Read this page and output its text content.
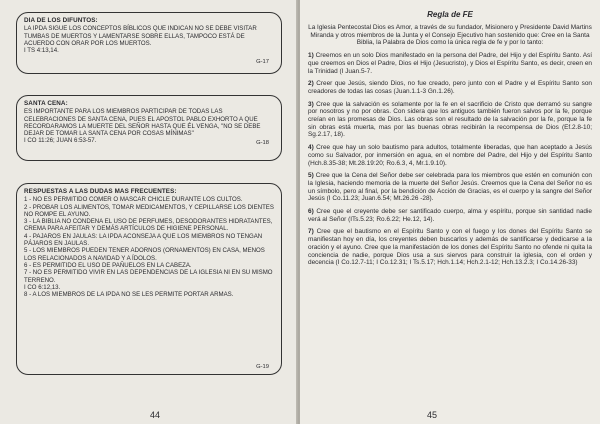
DIA DE LOS DIFUNTOS:

LA IPDA SIGUE LOS CONCEPTOS BÍBLICOS QUE INDICAN NO SE DEBE VISITAR TUMBAS DE MUERTOS Y LAMENTARSE SOBRE ELLAS, TAMPOCO ESTÁ DE ACUERDO CON ORAR POR LOS MUERTOS.

I TS 4:13,14.

G-17
SANTA CENA:

ES IMPORTANTE PARA LOS MIEMBROS PARTICIPAR DE TODAS LAS CELEBRACIONES DE SANTA CENA, PUES EL APOSTOL PABLO EXHORTO A QUE RECORDARAMOS LA MUERTE DEL SEÑOR HASTA QUE ÉL VENGA, "NO SE DEBE DEJAR DE TOMAR LA SANTA CENA POR COSAS MÍNIMAS"

I CO 11:26; JUAN 6:53-57.	G-18
RESPUESTAS A LAS DUDAS MAS FRECUENTES:

1 - NO ES PERMITIDO COMER O MASCAR CHICLE DURANTE LOS CULTOS.

2 - PROBAR LOS ALIMENTOS, TOMAR MEDICAMENTOS, Y CEPILLARSE LOS DIENTES NO ROMPE EL AYUNO.

3 - LA BIBLIA NO CONDENA EL USO DE PERFUMES, DESODORANTES HIDRATANTES, CREMA PARA AFEITAR Y DEMÁS ARTÍCULOS DE HIGIENE PERSONAL.

4 - PAJAROS EN JAULAS: LA IPDA ACONSEJA A QUE LOS MIEMBROS NO TENGAN PÁJAROS EN JAULAS.

5 - LOS MIEMBROS PUEDEN TENER ADORNOS (ORNAMENTOS) EN CASA, MENOS LOS RELACIONADOS A NAVIDAD Y A ÍDOLOS.

6 - ES PERMITIDO EL USO DE PAÑUELOS EN LA CABEZA.

7 - NO ES PERMITIDO VIVIR EN LAS DEPENDENCIAS DE LA IGLESIA NI EN SU MISMO TERRENO.

I CO 6:12,13.

8 - A LOS MIEMBROS DE LA IPDA NO SE LES PERMITE PORTAR ARMAS.

G-19
44
Regla de FE

La Iglesia Pentecostal Dios es Amor, a través de su fundador, Misionero y Presidente David Martins Miranda y otros miembros de la Junta y el Consejo Ejecutivo han sostenido que: Cree en la Santa Biblia, la Palabra de Dios como la única regla de fe y por lo tanto:

1) Creemos en un solo Dios manifestado en la persona del Padre, del Hijo y del Espíritu Santo. Así que creemos en Dios el Padre, Dios el Hijo (Jesucristo), y Dios el Espíritu Santo, es decir, creen en la Trinidad (I Juan.5-7.

2) Creer que Jesús, siendo Dios, no fue creado, pero junto con el Padre y el Espíritu Santo son creadores de todas las cosas (Juan.1.1-3 Gn.1.26).

3) Cree que la salvación es solamente por la fe en el sacrificio de Cristo que derramó su sangre por nosotros y no por obras. Con sidera que los antiguos también fueron salvos por la fe, porque creían en las promesas de Dios. Las obras son el resultado de la salvación por la fe, porque la fe sin obras está muerta, mas por las buenas obras recibirán la recompensa de Dios (Ef.2.8-10; Sg.2.17, 18).

4) Cree que hay un solo bautismo para adultos, totalmente liberadas, que han aceptado a Jesús como su Salvador, por inmersión en agua, en el nombre del Padre, del Hijo y del Espíritu Santo (Hch.8.35-38; Mt.28.19:20; Ro.6.3, 4, Mr.1.9.10).

5) Cree que la Cena del Señor debe ser celebrada para los miembros que estén en comunión con la Iglesia, haciendo memoria de la muerte del Señor Jesús. Creemos que la Cena del Señor no es un símbolo, pero al final, por la bendición de Acción de Gracias, es el cuerpo y la sangre del Señor Jesús (I Co.11.23; Juan.6.54; Mt.26.26 -28).

6) Cree que el creyente debe ser santificado cuerpo, alma y espíritu, porque sin santidad nadie verá al Señor (ITs.5.23; Ro.6.22; He.12, 14).

7) Cree que el bautismo en el Espíritu Santo y con el fuego y los dones del Espíritu Santo se manifiestan hoy en día, los creyentes deben buscarlos y además de santificarse y dedicarse a la oración y el ayuno. Cree que la manifestación de los dones del Espíritu Santo no ofende ni quita la conciencia de nadie, porque Dios usa a sus siervos para construir la iglesia, con el orden y decencia (I Co.12.7-11; I Co.12.31; I Ts.5.17; Hch.1.14; Hch.2.1-12; Hch.13.2.3; I Co.14.26-33)

45
